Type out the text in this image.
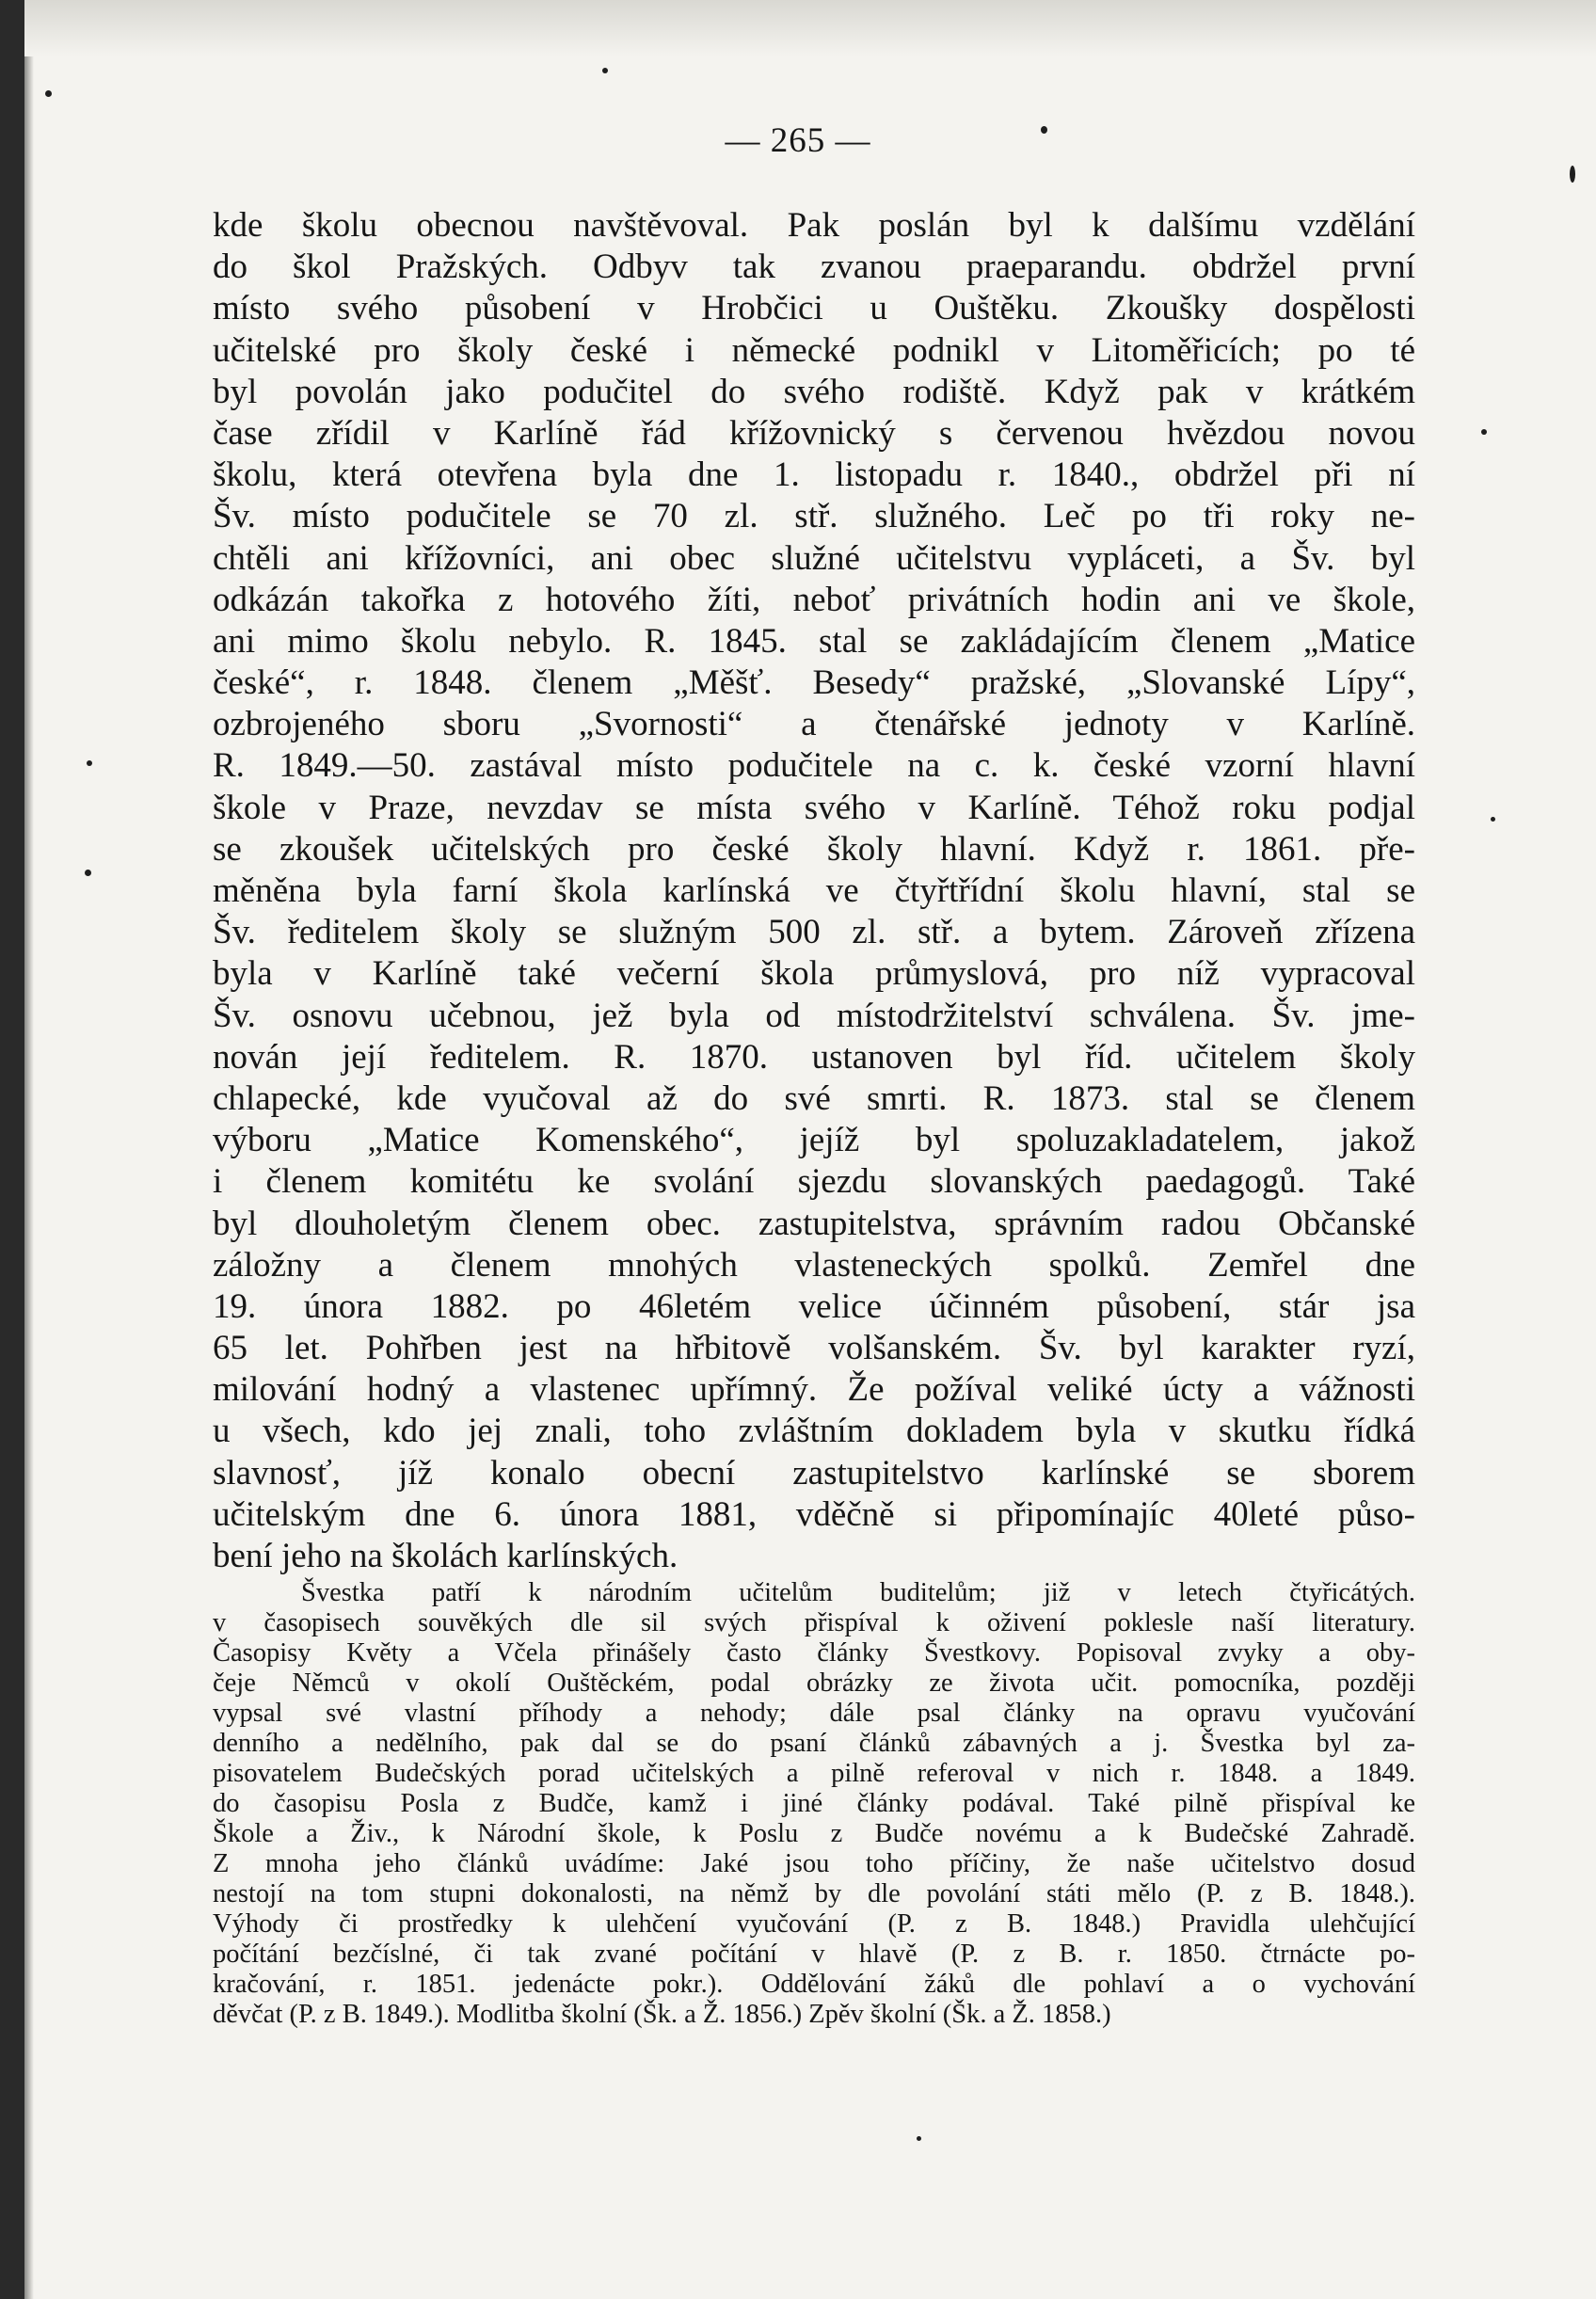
— 265 —
kde školu obecnou navštěvoval. Pak poslán byl k dalšímu vzdělání
do škol Pražských. Odbyv tak zvanou praeparandu. obdržel první
místo svého působení v Hrobčici u Ouštěku. Zkoušky dospělosti
učitelské pro školy české i německé podnikl v Litoměřicích; po té
byl povolán jako podučitel do svého rodiště. Když pak v krátkém
čase zřídil v Karlíně řád křížovnický s červenou hvězdou novou
školu, která otevřena byla dne 1. listopadu r. 1840., obdržel při ní
Šv. místo podučitele se 70 zl. stř. služného. Leč po tři roky ne-
chtěli ani křížovníci, ani obec služné učitelstvu vypláceti, a Šv. byl
odkázán takořka z hotového žíti, neboť privátních hodin ani ve škole,
ani mimo školu nebylo. R. 1845. stal se zakládajícím členem „Matice
české“, r. 1848. členem „Měšť. Besedy“ pražské, „Slovanské Lípy“,
ozbrojeného sboru „Svornosti“ a čtenářské jednoty v Karlíně.
R. 1849.—50. zastával místo podučitele na c. k. české vzorní hlavní
škole v Praze, nevzdav se místa svého v Karlíně. Téhož roku podjal
se zkoušek učitelských pro české školy hlavní. Když r. 1861. pře-
měněna byla farní škola karlínská ve čtyřtřídní školu hlavní, stal se
Šv. ředitelem školy se služným 500 zl. stř. a bytem. Zároveň zřízena
byla v Karlíně také večerní škola průmyslová, pro níž vypracoval
Šv. osnovu učebnou, jež byla od místodržitelství schválena. Šv. jme-
nován její ředitelem. R. 1870. ustanoven byl říd. učitelem školy
chlapecké, kde vyučoval až do své smrti. R. 1873. stal se členem
výboru „Matice Komenského“, jejíž byl spoluzakladatelem, jakož
i členem komitétu ke svolání sjezdu slovanských paedagogů. Také
byl dlouholetým členem obec. zastupitelstva, správním radou Občanské
záložny a členem mnohých vlasteneckých spolků. Zemřel dne
19. února 1882. po 46letém velice účinném působení, stár jsa
65 let. Pohřben jest na hřbitově volšanském. Šv. byl karakter ryzí,
milování hodný a vlastenec upřímný. Že požíval veliké úcty a vážnosti
u všech, kdo jej znali, toho zvláštním dokladem byla v skutku řídká
slavnosť, jíž konalo obecní zastupitelstvo karlínské se sborem
učitelským dne 6. února 1881, vděčně si připomínajíc 40leté půso-
bení jeho na školách karlínských.
Švestka patří k národním učitelům buditelům; již v letech čtyřicátých.
v časopisech souvěkých dle sil svých přispíval k oživení poklesle naší literatury.
Časopisy Květy a Včela přinášely často články Švestkovy. Popisoval zvyky a oby-
čeje Němců v okolí Ouštěckém, podal obrázky ze života učit. pomocníka, později
vypsal své vlastní příhody a nehody; dále psal články na opravu vyučování
denního a nedělního, pak dal se do psaní článků zábavných a j. Švestka byl za-
pisovatelem Budečských porad učitelských a pilně referoval v nich r. 1848. a 1849.
do časopisu Posla z Budče, kamž i jiné články podával. Také pilně přispíval ke
Škole a Živ., k Národní škole, k Poslu z Budče novému a k Budečské Zahradě.
Z mnoha jeho článků uvádíme: Jaké jsou toho příčiny, že naše učitelstvo dosud
nestojí na tom stupni dokonalosti, na němž by dle povolání státi mělo (P. z B. 1848.).
Výhody či prostředky k ulehčení vyučování (P. z B. 1848.) Pravidla ulehčující
počítání bezčíslné, či tak zvané počítání v hlavě (P. z B. r. 1850. čtrnácte po-
kračování, r. 1851. jedenácte pokr.). Oddělování žáků dle pohlaví a o vychování
děvčat (P. z B. 1849.). Modlitba školní (Šk. a Ž. 1856.) Zpěv školní (Šk. a Ž. 1858.)
